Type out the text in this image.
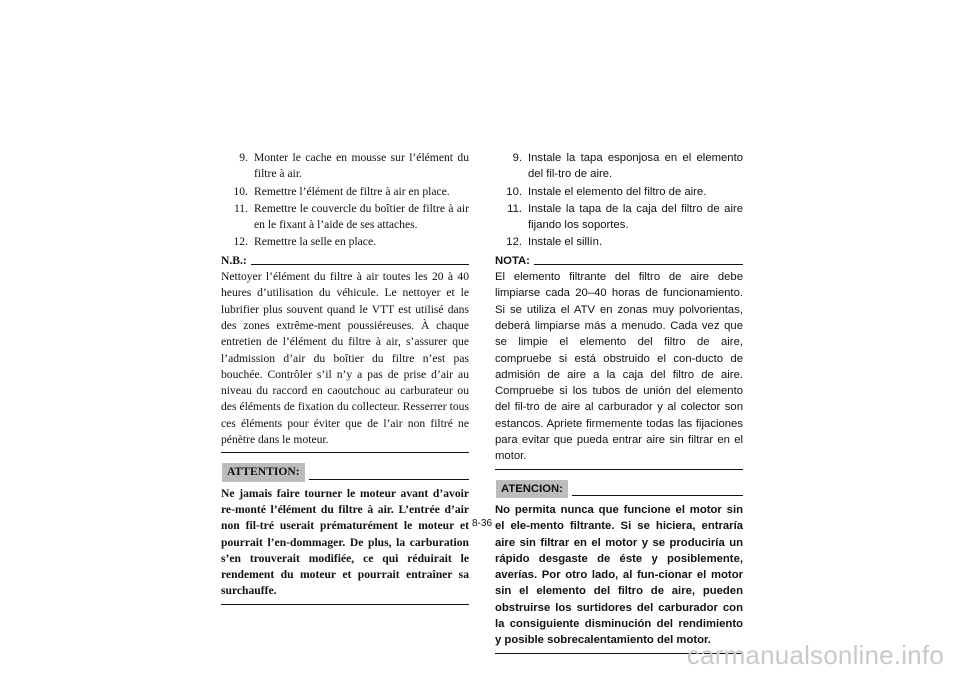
9. Monter le cache en mousse sur l’élément du filtre à air.
10. Remettre l’élément de filtre à air en place.
11. Remettre le couvercle du boîtier de filtre à air en le fixant à l’aide de ses attaches.
12. Remettre la selle en place.
N.B.:

Nettoyer l’élément du filtre à air toutes les 20 à 40 heures d’utilisation du véhicule. Le nettoyer et le lubrifier plus souvent quand le VTT est utilisé dans des zones extrême-ment poussiéreuses. À chaque entretien de l’élément du filtre à air, s’assurer que l’admission d’air du boîtier du filtre n’est pas bouchée. Contrôler s’il n’y a pas de prise d’air au niveau du raccord en caoutchouc au carburateur ou des éléments de fixation du collecteur. Resserrer tous ces éléments pour éviter que de l’air non filtré ne pénètre dans le moteur.

ATTENTION:

Ne jamais faire tourner le moteur avant d’avoir re-monté l’élément du filtre à air. L’entrée d’air non fil-tré userait prématurément le moteur et pourrait l’en-dommager. De plus, la carburation s’en trouverait modifiée, ce qui réduirait le rendement du moteur et pourrait entraîner sa surchauffe.

9. Instale la tapa esponjosa en el elemento del fil-tro de aire.
10. Instale el elemento del filtro de aire.
11. Instale la tapa de la caja del filtro de aire fijando los soportes.
12. Instale el sillín.
NOTA:

El elemento filtrante del filtro de aire debe limpiarse cada 20–40 horas de funcionamiento. Si se utiliza el ATV en zonas muy polvorientas, deberá limpiarse más a menudo. Cada vez que se limpie el elemento del filtro de aire, compruebe si está obstruido el con-ducto de admisión de aire a la caja del filtro de aire. Compruebe si los tubos de unión del elemento del fil-tro de aire al carburador y al colector son estancos. Apriete firmemente todas las fijaciones para evitar que pueda entrar aire sin filtrar en el motor.

ATENCION:

No permita nunca que funcione el motor sin el ele-mento filtrante. Si se hiciera, entraría aire sin filtrar en el motor y se produciría un rápido desgaste de éste y posiblemente, averías. Por otro lado, al fun-cionar el motor sin el elemento del filtro de aire, pueden obstruirse los surtidores del carburador con la consiguiente disminución del rendimiento y posible sobrecalentamiento del motor.

8-36
carmanualsonline.info
